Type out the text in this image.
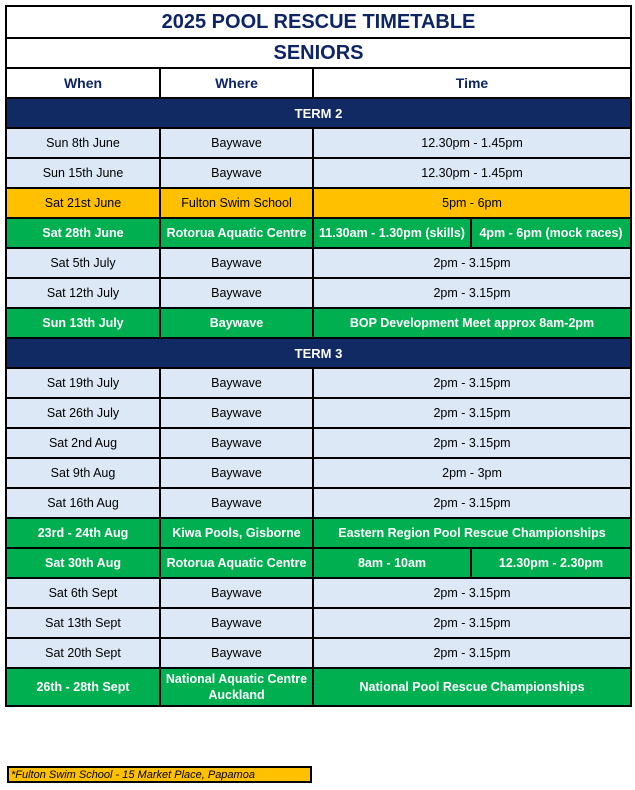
2025 POOL RESCUE TIMETABLE			
SENIORS			
When	Where	Time	
TERM 2			
Sun 8th June	Baywave	12.30pm - 1.45pm	
Sun 15th June	Baywave	12.30pm - 1.45pm	
Sat 21st June	Fulton Swim School	5pm - 6pm	
Sat 28th June	Rotorua Aquatic Centre	11.30am - 1.30pm (skills)	4pm - 6pm (mock races)
Sat 5th July	Baywave	2pm - 3.15pm	
Sat 12th July	Baywave	2pm - 3.15pm	
Sun 13th July	Baywave	BOP Development Meet approx 8am-2pm	
TERM 3			
Sat 19th July	Baywave	2pm - 3.15pm	
Sat 26th July	Baywave	2pm - 3.15pm	
Sat 2nd Aug	Baywave	2pm - 3.15pm	
Sat 9th Aug	Baywave	2pm - 3pm	
Sat 16th Aug	Baywave	2pm - 3.15pm	
23rd - 24th Aug	Kiwa Pools, Gisborne	Eastern Region Pool Rescue Championships	
Sat 30th Aug	Rotorua Aquatic Centre	8am - 10am	12.30pm - 2.30pm
Sat 6th Sept	Baywave	2pm - 3.15pm	
Sat 13th Sept	Baywave	2pm - 3.15pm	
Sat 20th Sept	Baywave	2pm - 3.15pm	
26th - 28th Sept	National Aquatic Centre Auckland	National Pool Rescue Championships	
*Fulton Swim School - 15 Market Place, Papamoa
